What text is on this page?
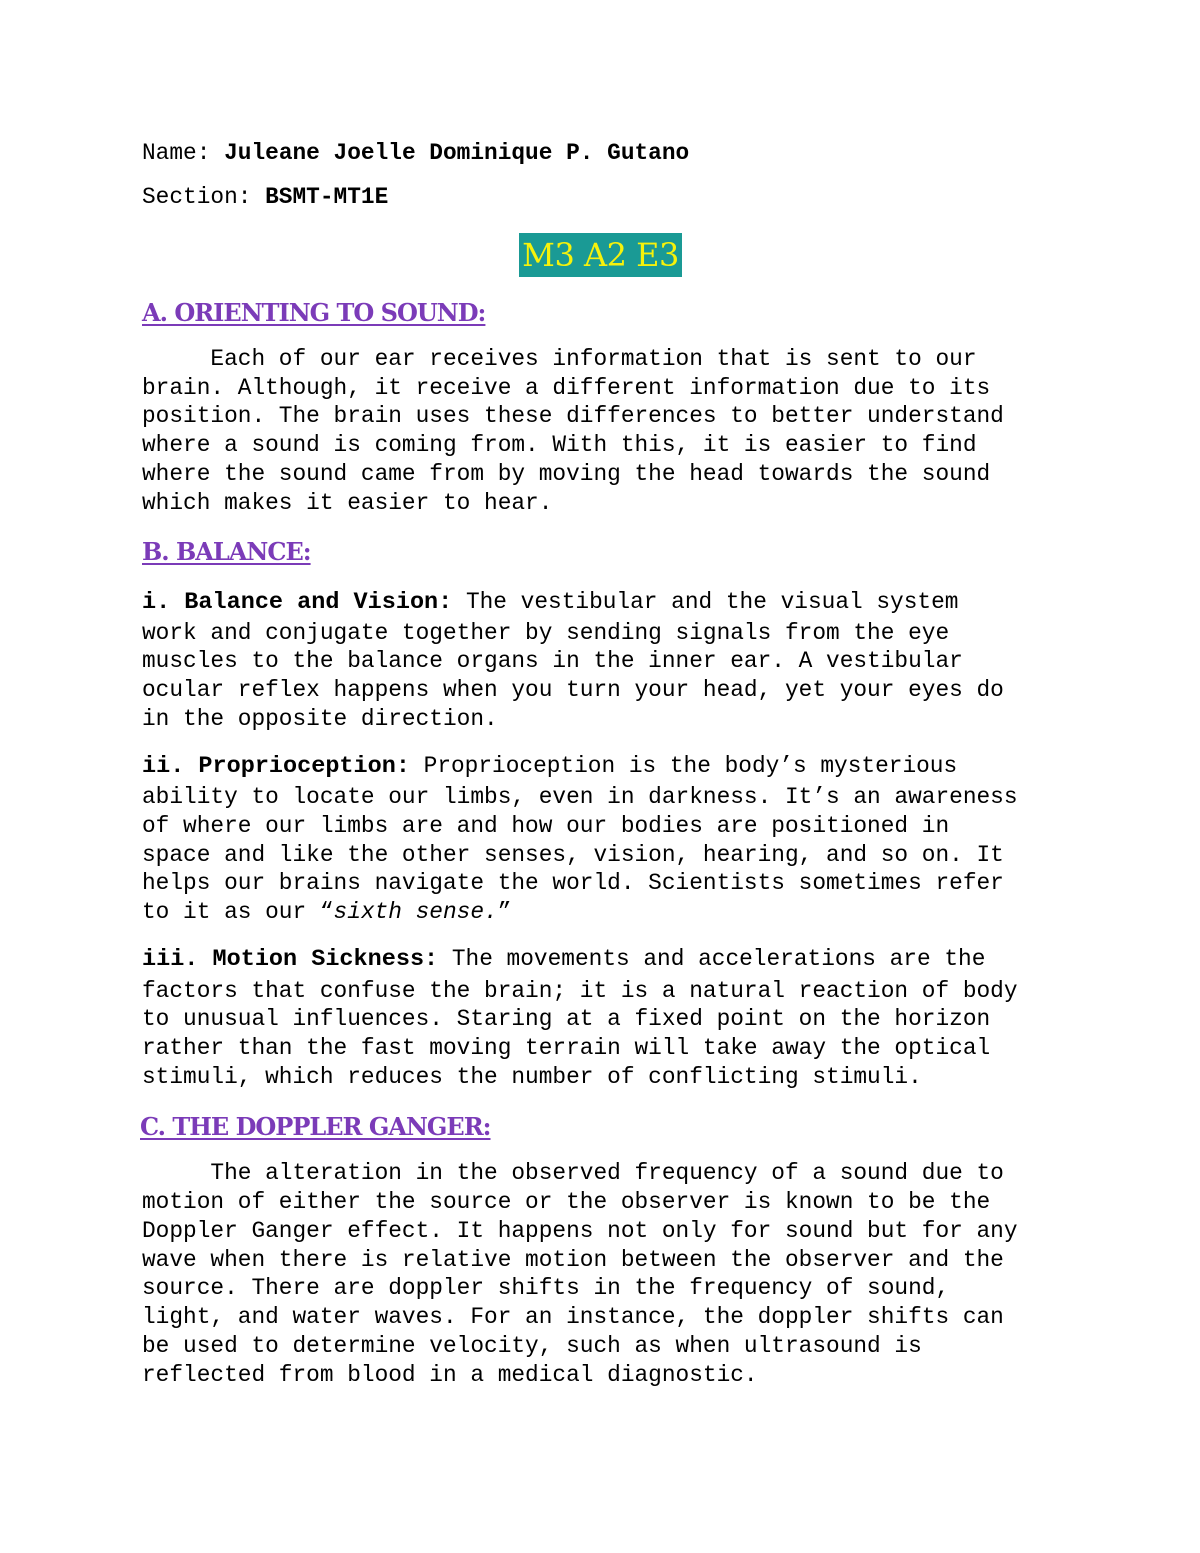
Name: Juleane Joelle Dominique P. Gutano
Section: BSMT-MT1E
M3 A2 E3
A. ORIENTING TO SOUND:
Each of our ear receives information that is sent to our
brain. Although, it receive a different information due to its
position. The brain uses these differences to better understand
where a sound is coming from. With this, it is easier to find
where the sound came from by moving the head towards the sound
which makes it easier to hear.
B. BALANCE:
i. Balance and Vision: The vestibular and the visual system
work and conjugate together by sending signals from the eye
muscles to the balance organs in the inner ear. A vestibular
ocular reflex happens when you turn your head, yet your eyes do
in the opposite direction.
ii. Proprioception: Proprioception is the body’s mysterious
ability to locate our limbs, even in darkness. It’s an awareness
of where our limbs are and how our bodies are positioned in
space and like the other senses, vision, hearing, and so on. It
helps our brains navigate the world. Scientists sometimes refer
to it as our “sixth sense.”
iii. Motion Sickness: The movements and accelerations are the
factors that confuse the brain; it is a natural reaction of body
to unusual influences. Staring at a fixed point on the horizon
rather than the fast moving terrain will take away the optical
stimuli, which reduces the number of conflicting stimuli.
C. THE DOPPLER GANGER:
The alteration in the observed frequency of a sound due to
motion of either the source or the observer is known to be the
Doppler Ganger effect. It happens not only for sound but for any
wave when there is relative motion between the observer and the
source. There are doppler shifts in the frequency of sound,
light, and water waves. For an instance, the doppler shifts can
be used to determine velocity, such as when ultrasound is
reflected from blood in a medical diagnostic.
